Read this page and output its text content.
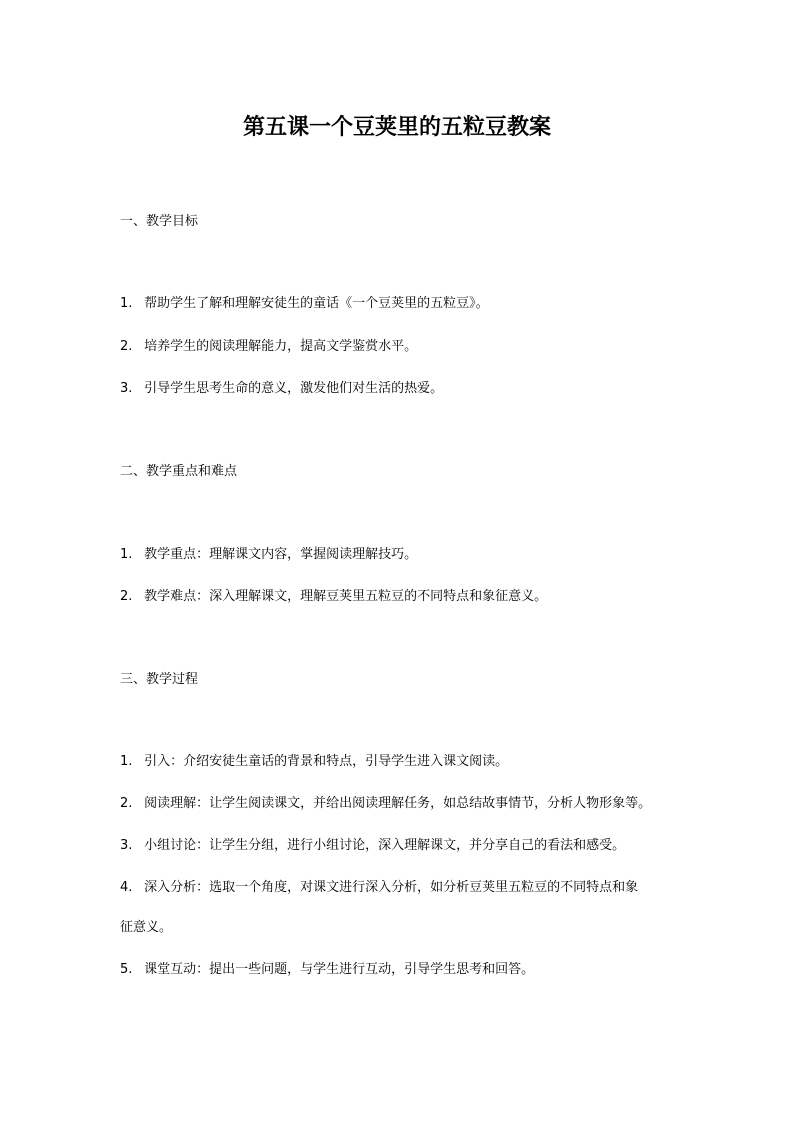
第五课一个豆荚里的五粒豆教案

一、教学目标

1. 帮助学生了解和理解安徒生的童话《一个豆荚里的五粒豆》。

2. 培养学生的阅读理解能力，提高文学鉴赏水平。

3. 引导学生思考生命的意义，激发他们对生活的热爱。

二、教学重点和难点

1. 教学重点：理解课文内容，掌握阅读理解技巧。

2. 教学难点：深入理解课文，理解豆荚里五粒豆的不同特点和象征意义。

三、教学过程

1. 引入：介绍安徒生童话的背景和特点，引导学生进入课文阅读。

2. 阅读理解：让学生阅读课文，并给出阅读理解任务，如总结故事情节，分析人物形象等。

3. 小组讨论：让学生分组，进行小组讨论，深入理解课文，并分享自己的看法和感受。

4. 深入分析：选取一个角度，对课文进行深入分析，如分析豆荚里五粒豆的不同特点和象

征意义。

5. 课堂互动：提出一些问题，与学生进行互动，引导学生思考和回答。
